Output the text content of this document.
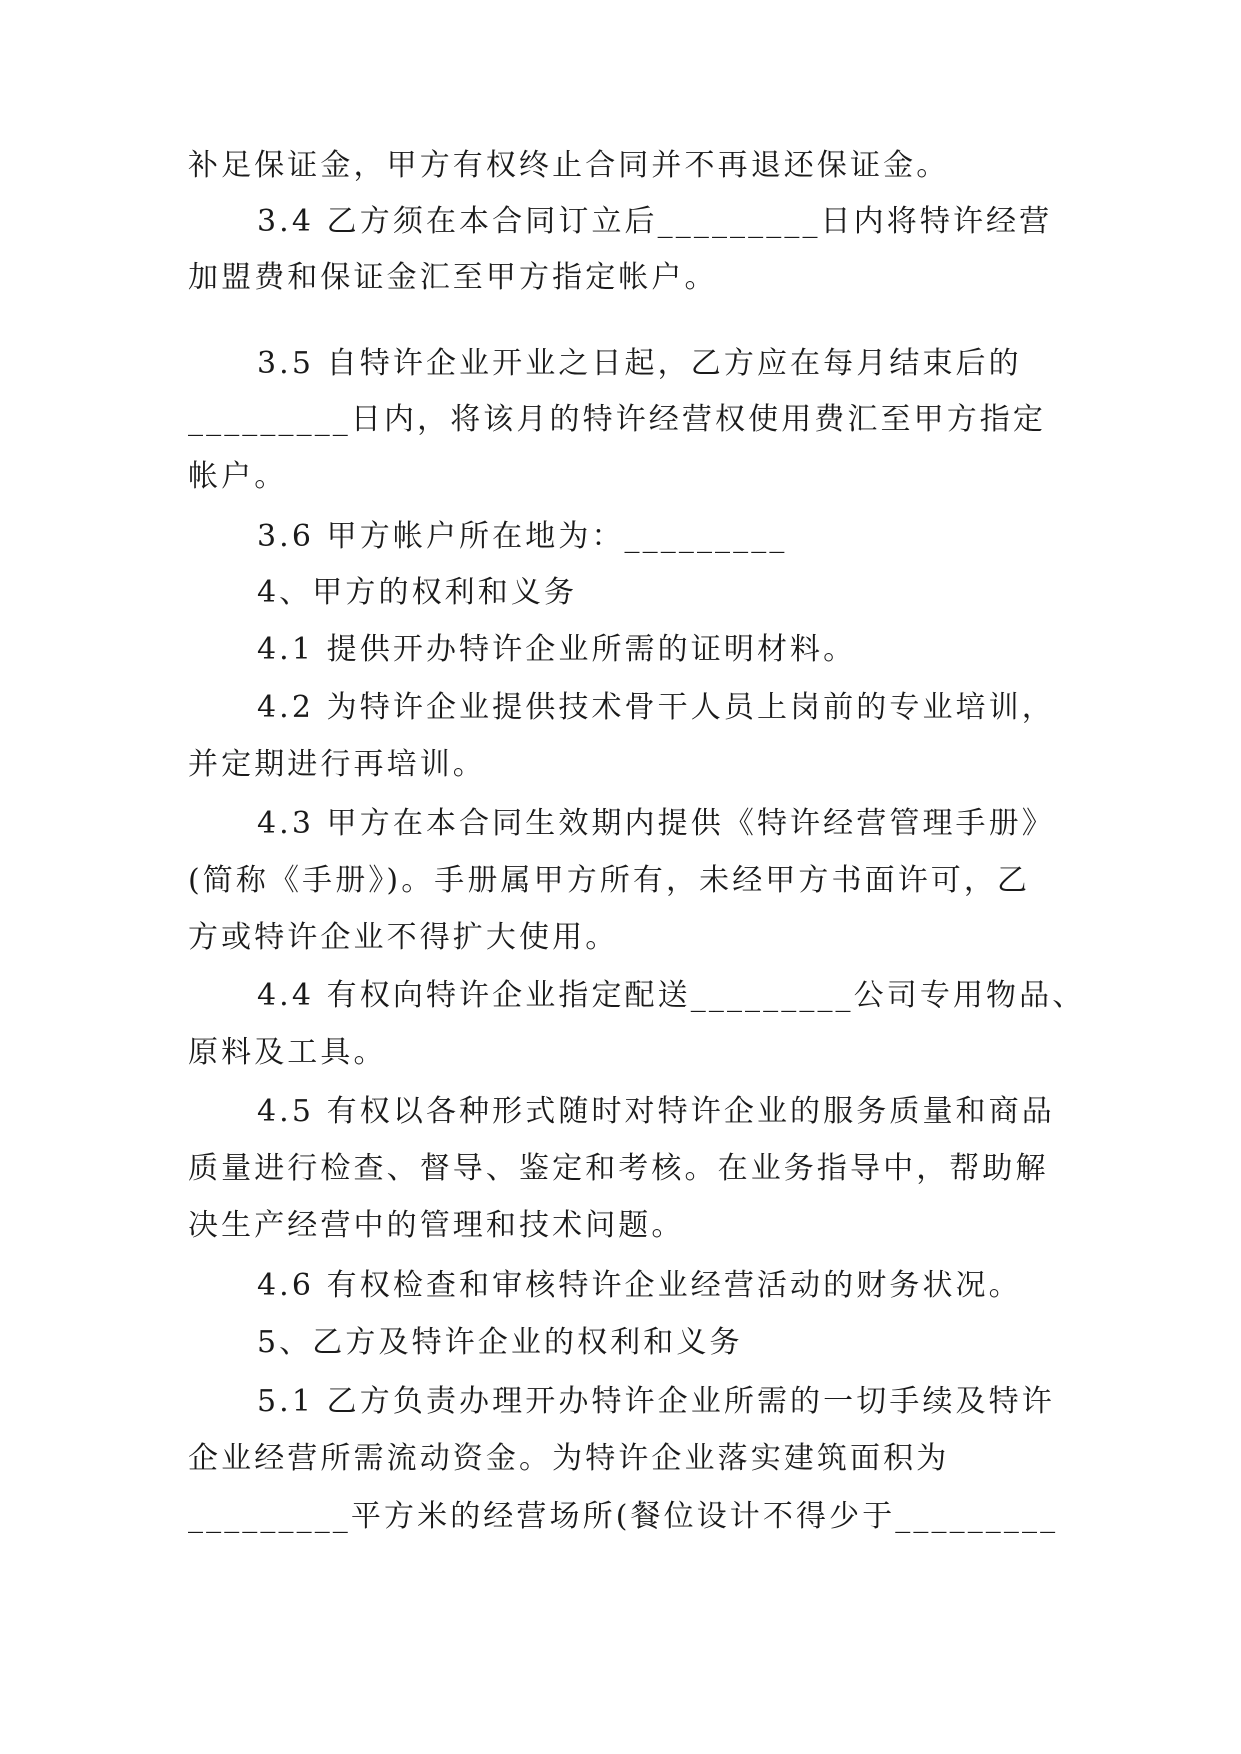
补足保证金，甲方有权终止合同并不再退还保证金。
3.4 乙方须在本合同订立后_________日内将特许经营
加盟费和保证金汇至甲方指定帐户。
3.5 自特许企业开业之日起，乙方应在每月结束后的
_________日内，将该月的特许经营权使用费汇至甲方指定
帐户。
3.6 甲方帐户所在地为：_________
4、甲方的权利和义务
4.1 提供开办特许企业所需的证明材料。
4.2 为特许企业提供技术骨干人员上岗前的专业培训，
并定期进行再培训。
4.3 甲方在本合同生效期内提供《特许经营管理手册》
(简称《手册》)。手册属甲方所有，未经甲方书面许可，乙
方或特许企业不得扩大使用。
4.4 有权向特许企业指定配送_________公司专用物品、
原料及工具。
4.5 有权以各种形式随时对特许企业的服务质量和商品
质量进行检查、督导、鉴定和考核。在业务指导中，帮助解
决生产经营中的管理和技术问题。
4.6 有权检查和审核特许企业经营活动的财务状况。
5、乙方及特许企业的权利和义务
5.1 乙方负责办理开办特许企业所需的一切手续及特许
企业经营所需流动资金。为特许企业落实建筑面积为
_________平方米的经营场所(餐位设计不得少于_________
